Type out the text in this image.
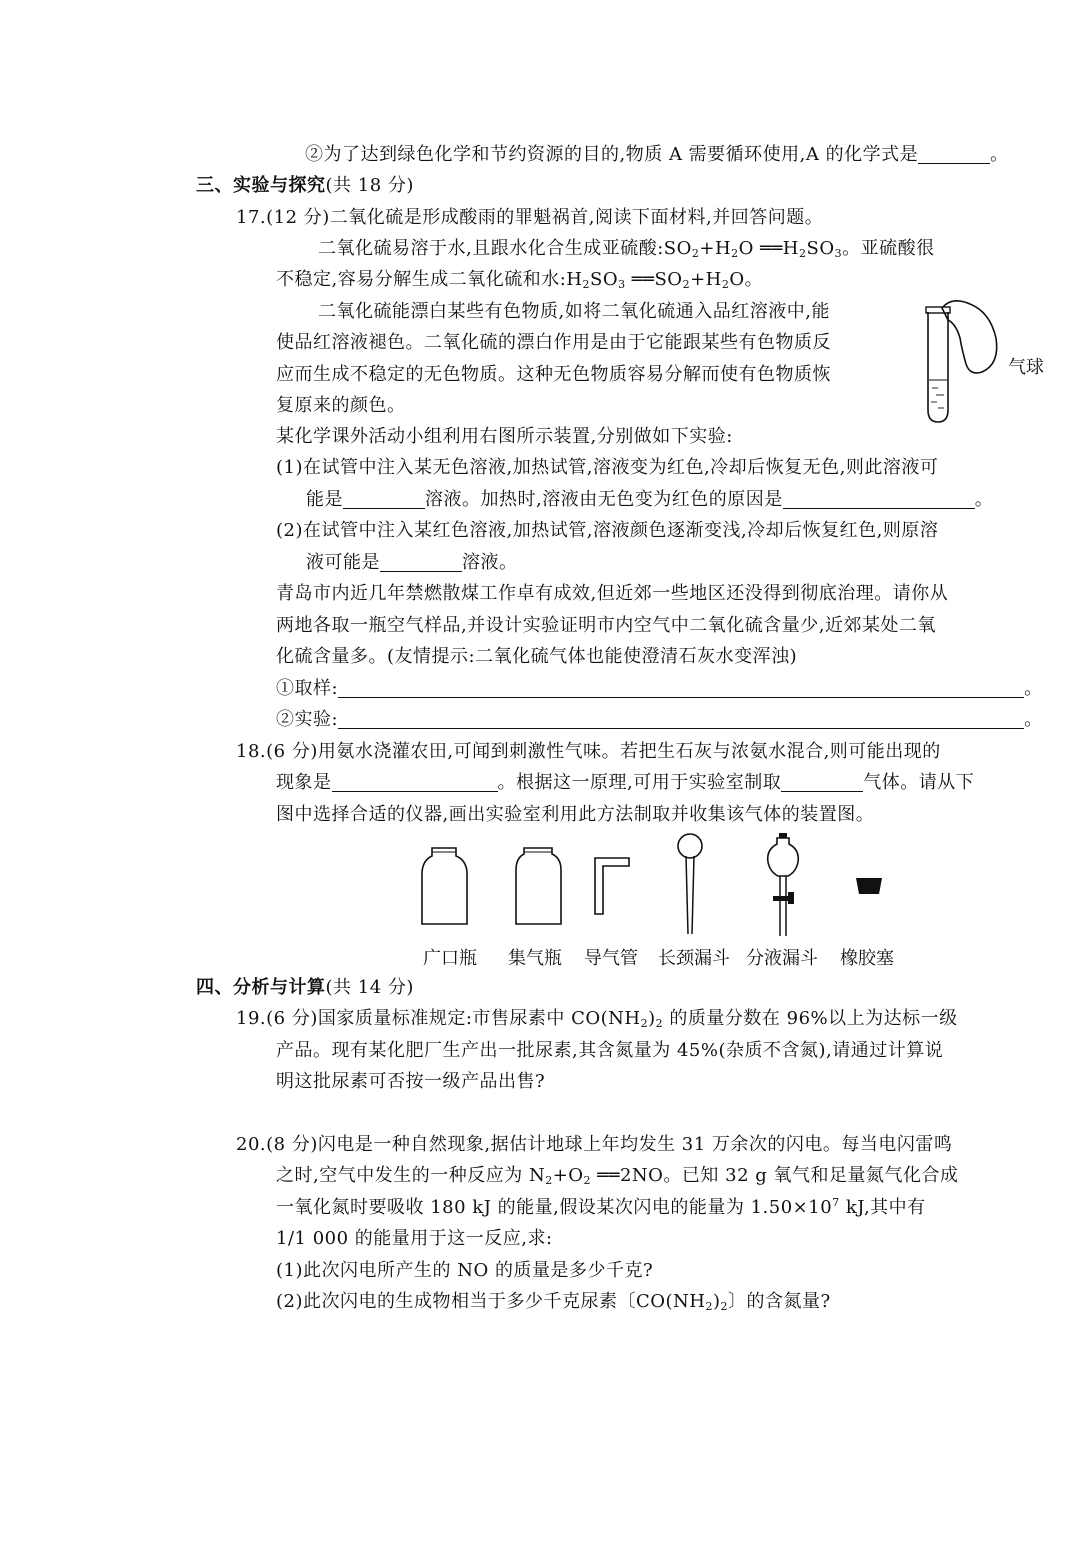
②为了达到绿色化学和节约资源的目的,物质 A 需要循环使用,A 的化学式是	。
三、实验与探究(共 18 分)
17.(12 分)二氧化硫是形成酸雨的罪魁祸首,阅读下面材料,并回答问题。
二氧化硫易溶于水,且跟水化合生成亚硫酸$:SO_2+H_2O$ $══H_2SO_3$。亚硫酸很
不稳定,容易分解生成二氧化硫和水$:H_2SO_3$ $══SO_2+H_2O$。
二氧化硫能漂白某些有色物质,如将二氧化硫通入品红溶液中,能
使品红溶液褪色。二氧化硫的漂白作用是由于它能跟某些有色物质反
应而生成不稳定的无色物质。这种无色物质容易分解而使有色物质恢
复原来的颜色。
气球
某化学课外活动小组利用右图所示装置,分别做如下实验:
(1)在试管中注入某无色溶液,加热试管,溶液变为红色,冷却后恢复无色,则此溶液可
能是	溶液。加热时,溶液由无色变为红色的原因是	。
(2)在试管中注入某红色溶液,加热试管,溶液颜色逐渐变浅,冷却后恢复红色,则原溶
液可能是	溶液。
青岛市内近几年禁燃散煤工作卓有成效,但近郊一些地区还没得到彻底治理。请你从
两地各取一瓶空气样品,并设计实验证明市内空气中二氧化硫含量少,近郊某处二氧
化硫含量多。(友情提示:二氧化硫气体也能使澄清石灰水变浑浊)
①取样:	。
②实验:	。
18.(6 分)用氨水浇灌农田,可闻到刺激性气味。若把生石灰与浓氨水混合,则可能出现的
现象是	。根据这一原理,可用于实验室制取	气体。请从下
图中选择合适的仪器,画出实验室利用此方法制取并收集该气体的装置图。
广口瓶 集气瓶 导气管 长颈漏斗 分液漏斗 橡胶塞
四、分析与计算(共 14 分)
19.(6 分)国家质量标准规定:市售尿素中 $CO(NH_2)_2$ 的质量分数在 96%以上为达标一级
产品。现有某化肥厂生产出一批尿素,其含氮量为 45%(杂质不含氮),请通过计算说
明这批尿素可否按一级产品出售?
20.(8 分)闪电是一种自然现象,据估计地球上年均发生 31 万余次的闪电。每当电闪雷鸣
之时,空气中发生的一种反应为 $N_2+O_2$ ══2NO。已知 32 g 氧气和足量氮气化合成
一氧化氮时要吸收 180 kJ 的能量,假设某次闪电的能量为 $1.50\times 10^7$ kJ,其中有
1/1 000 的能量用于这一反应,求:
(1)此次闪电所产生的 NO 的质量是多少千克?
(2)此次闪电的生成物相当于多少千克尿素〔$CO(NH_2)_2$〕的含氮量?
